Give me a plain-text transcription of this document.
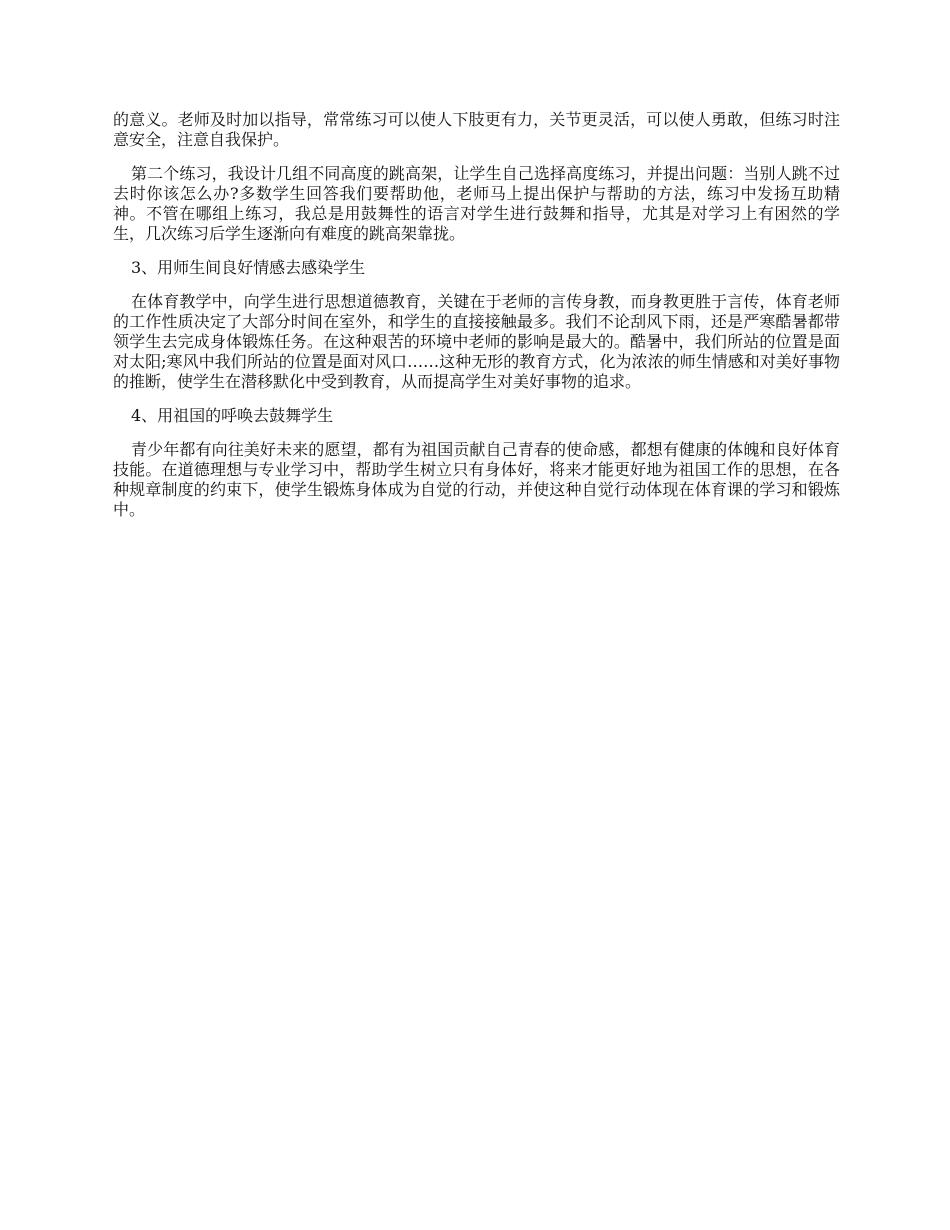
的意义。老师及时加以指导，常常练习可以使人下肢更有力，关节更灵活，可以使人勇敢，但练习时注意安全，注意自我保护。

第二个练习，我设计几组不同高度的跳高架，让学生自己选择高度练习，并提出问题：当别人跳不过去时你该怎么办?多数学生回答我们要帮助他，老师马上提出保护与帮助的方法，练习中发扬互助精神。不管在哪组上练习，我总是用鼓舞性的语言对学生进行鼓舞和指导，尤其是对学习上有困然的学生，几次练习后学生逐渐向有难度的跳高架靠拢。

3、用师生间良好情感去感染学生

在体育教学中，向学生进行思想道德教育，关键在于老师的言传身教，而身教更胜于言传，体育老师的工作性质决定了大部分时间在室外，和学生的直接接触最多。我们不论刮风下雨，还是严寒酷暑都带领学生去完成身体锻炼任务。在这种艰苦的环境中老师的影响是最大的。酷暑中，我们所站的位置是面对太阳;寒风中我们所站的位置是面对风口……这种无形的教育方式，化为浓浓的师生情感和对美好事物的推断，使学生在潜移默化中受到教育，从而提高学生对美好事物的追求。

4、用祖国的呼唤去鼓舞学生

青少年都有向往美好未来的愿望，都有为祖国贡献自己青春的使命感，都想有健康的体魄和良好体育技能。在道德理想与专业学习中，帮助学生树立只有身体好，将来才能更好地为祖国工作的思想，在各种规章制度的约束下，使学生锻炼身体成为自觉的行动，并使这种自觉行动体现在体育课的学习和锻炼中。
